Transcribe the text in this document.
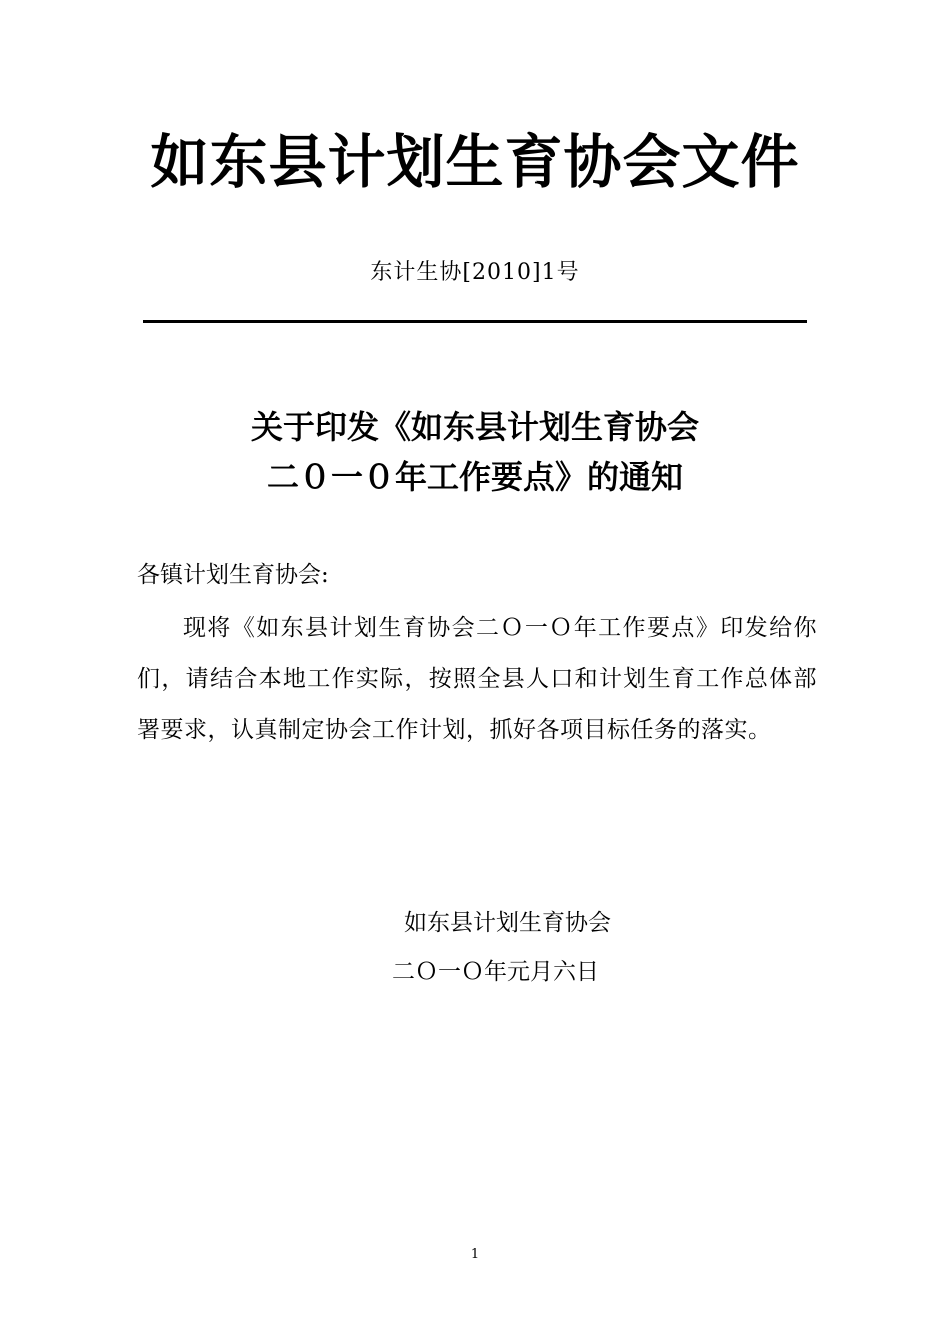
如东县计划生育协会文件
东计生协[2010]1号
关于印发《如东县计划生育协会
二０一０年工作要点》的通知
各镇计划生育协会:
现将《如东县计划生育协会二Ｏ一Ｏ年工作要点》印发给你们，请结合本地工作实际，按照全县人口和计划生育工作总体部署要求，认真制定协会工作计划，抓好各项目标任务的落实。
如东县计划生育协会
二Ｏ一Ｏ年元月六日
1
